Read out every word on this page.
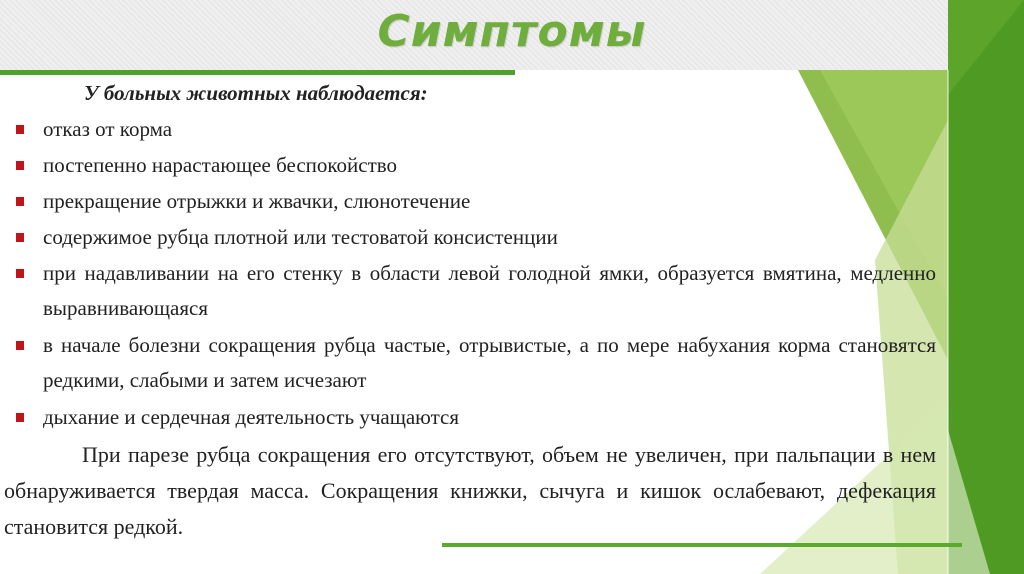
Симптомы
У больных животных наблюдается:
отказ от корма
постепенно нарастающее беспокойство
прекращение отрыжки и жвачки, слюнотечение
содержимое рубца плотной или тестоватой консистенции
при надавливании на его стенку в области левой голодной ямки, образуется вмятина, медленно выравнивающаяся
в начале болезни сокращения рубца частые, отрывистые, а по мере набухания корма становятся редкими, слабыми и затем исчезают
дыхание и сердечная деятельность учащаются
При парезе рубца сокращения его отсутствуют, объем не увеличен, при пальпации в нем обнаруживается твердая масса. Сокращения книжки, сычуга и кишок ослабевают, дефекация становится редкой.
